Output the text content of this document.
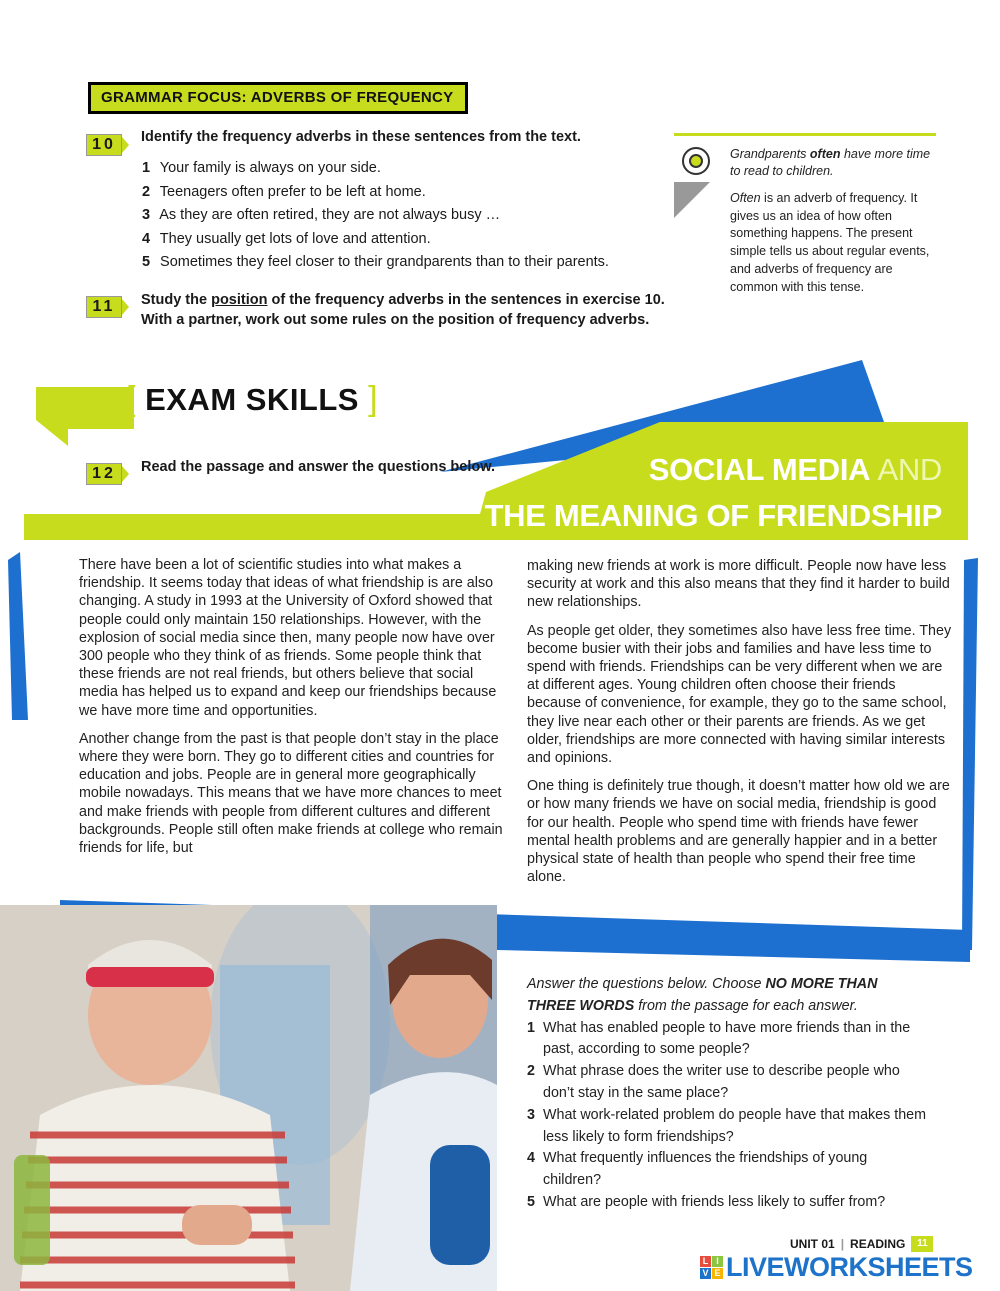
GRAMMAR FOCUS: ADVERBS OF FREQUENCY
10	Identify the frequency adverbs in these sentences from the text.
1 Your family is always on your side.
2 Teenagers often prefer to be left at home.
3 As they are often retired, they are not always busy …
4 They usually get lots of love and attention.
5 Sometimes they feel closer to their grandparents than to their parents.
11	Study the position of the frequency adverbs in the sentences in exercise 10.
With a partner, work out some rules on the position of frequency adverbs.
Grandparents often have more time to read to children.
Often is an adverb of frequency. It gives us an idea of how often something happens. The present simple tells us about regular events, and adverbs of frequency are common with this tense.
[ EXAM SKILLS ]
12	Read the passage and answer the questions below.	SOCIAL MEDIA AND
THE MEANING OF FRIENDSHIP

There have been a lot of scientific studies into what makes a friendship. It seems today that ideas of what friendship is are also changing. A study in 1993 at the University of Oxford showed that people could only maintain 150 relationships. However, with the explosion of social media since then, many people now have over 300 people who they think of as friends. Some people think that these friends are not real friends, but others believe that social media has helped us to expand and keep our friendships because we have more time and opportunities.

Another change from the past is that people don’t stay in the place where they were born. They go to different cities and countries for education and jobs. People are in general more geographically mobile nowadays. This means that we have more chances to meet and make friends with people from different cultures and different backgrounds. People still often make friends at college who remain friends for life, but

making new friends at work is more difficult. People now have less security at work and this also means that they find it harder to build new relationships.

As people get older, they sometimes also have less free time. They become busier with their jobs and families and have less time to spend with friends. Friendships can be very different when we are at different ages. Young children often choose their friends because of convenience, for example, they go to the same school, they live near each other or their parents are friends. As we get older, friendships are more connected with having similar interests and opinions.

One thing is definitely true though, it doesn’t matter how old we are or how many friends we have on social media, friendship is good for our health. People who spend time with friends have fewer mental health problems and are generally happier and in a better physical state of health than people who spend their free time alone.

Answer the questions below. Choose NO MORE THAN THREE WORDS from the passage for each answer.

1 What has enabled people to have more friends than in the past, according to some people?
2 What phrase does the writer use to describe people who don’t stay in the same place?
3 What work-related problem do people have that makes them less likely to form friendships?
4 What frequently influences the friendships of young children?
5 What are people with friends less likely to suffer from?
UNIT 01 | READING	11
L I
V E LIVEWORKSHEETS
